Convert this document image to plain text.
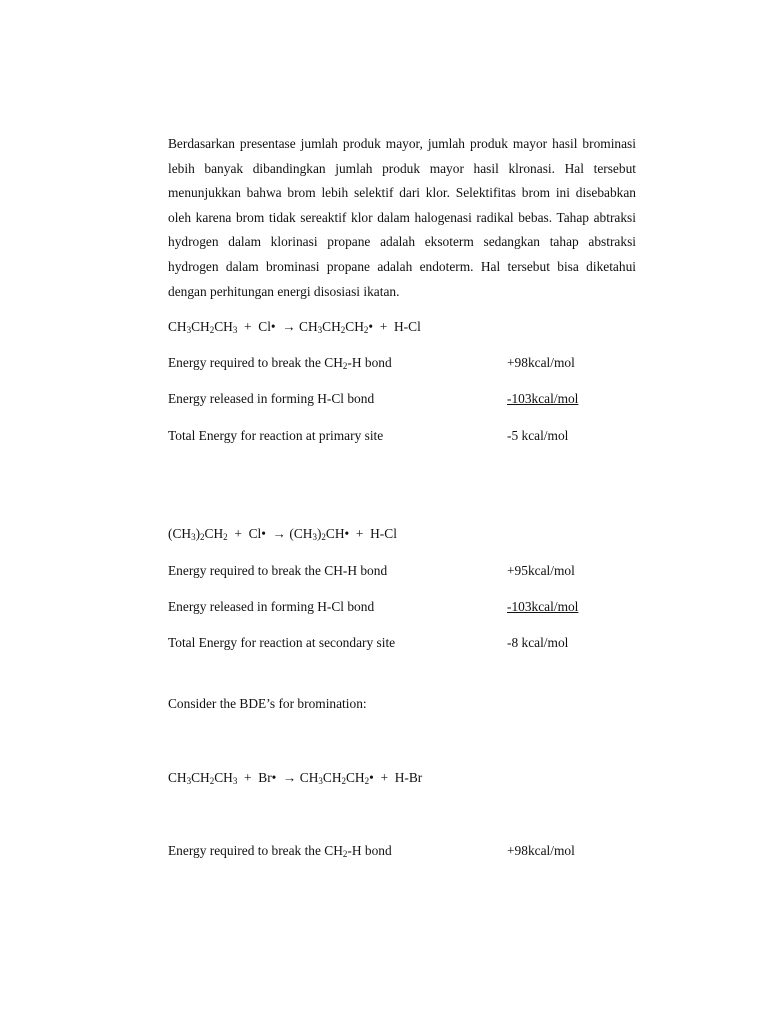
Berdasarkan presentase jumlah produk mayor, jumlah produk mayor hasil brominasi lebih banyak dibandingkan jumlah produk mayor hasil klronasi. Hal tersebut menunjukkan bahwa brom lebih selektif dari klor. Selektifitas brom ini disebabkan oleh karena brom tidak sereaktif klor dalam halogenasi radikal bebas. Tahap abtraksi hydrogen dalam klorinasi propane adalah eksoterm sedangkan tahap abstraksi hydrogen dalam brominasi propane adalah endoterm. Hal tersebut bisa diketahui dengan perhitungan energi disosiasi ikatan.

$CH_3CH_2CH_3$  +  Cl•  → $CH_3CH_2CH_2• + H-Cl$
Energy required to break the $CH_2-H$ bond	+98kcal/mol
Energy released in forming H-Cl bond	-103kcal/mol
Total Energy for reaction at primary site	-5 kcal/mol
$(CH_3)_2CH_2$  +  Cl•  → $(CH_3)_2CH• + H-Cl$
Energy required to break the CH-H bond	+95kcal/mol
Energy released in forming H-Cl bond	-103kcal/mol
Total Energy for reaction at secondary site	-8 kcal/mol
Consider the BDE’s for bromination:
$CH_3CH_2CH_3$  +  Br•  → $CH_3CH_2CH_2• + H-Br$
Energy required to break the $CH_2-H$ bond	+98kcal/mol
